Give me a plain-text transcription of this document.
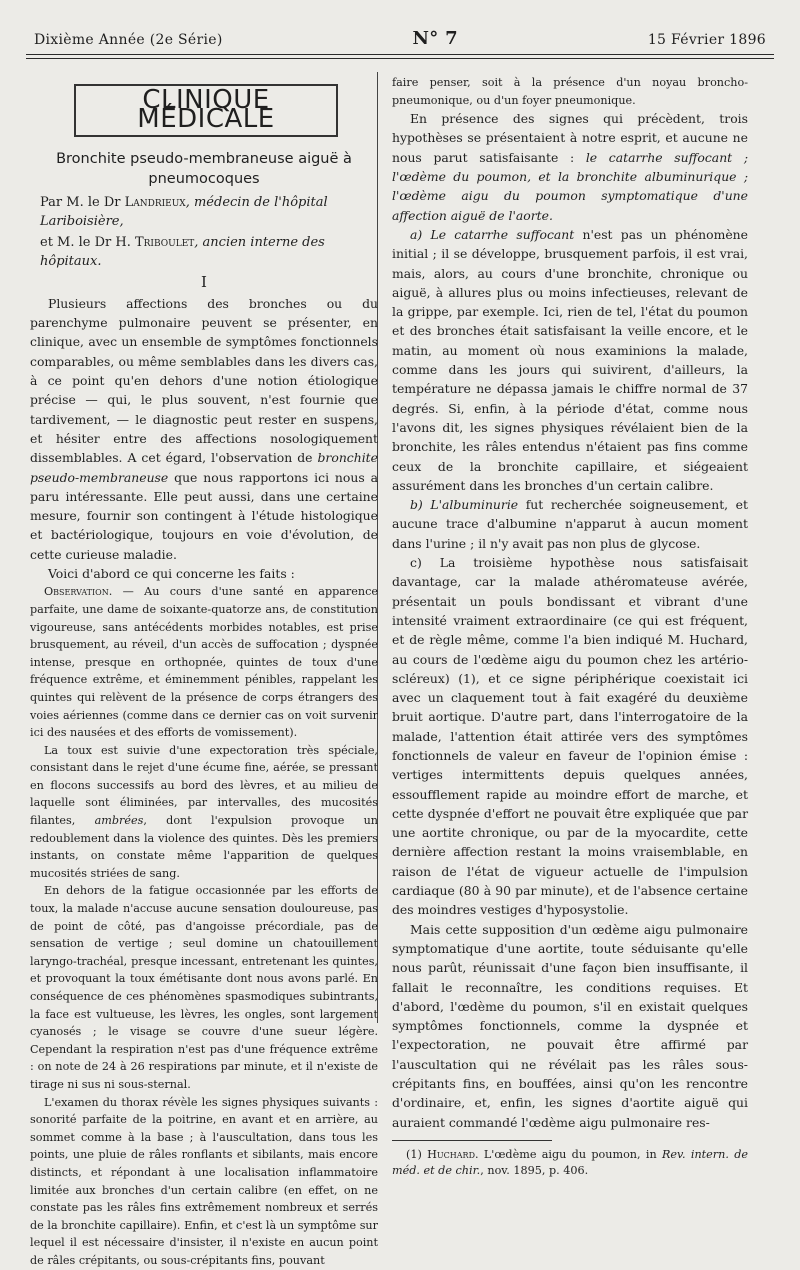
Dixième Année (2e Série)	N° 7	15 Février 1896
CLINIQUE MÉDICALE
Bronchite pseudo-membraneuse aiguë à pneumocoques
Par M. le Dr Landrieux, médecin de l'hôpital Lariboisière,
et M. le Dr H. Triboulet, ancien interne des hôpitaux.
I

Plusieurs affections des bronches ou du parenchyme pulmonaire peuvent se présenter, en clinique, avec un ensemble de symptômes fonctionnels comparables, ou même semblables dans les divers cas, à ce point qu'en dehors d'une notion étiologique précise — qui, le plus souvent, n'est fournie que tardivement, — le diagnostic peut rester en suspens, et hésiter entre des affections nosologiquement dissemblables. A cet égard, l'observation de bronchite pseudo-membraneuse que nous rapportons ici nous a paru intéressante. Elle peut aussi, dans une certaine mesure, fournir son contingent à l'étude histologique et bactériologique, toujours en voie d'évolution, de cette curieuse maladie.

Voici d'abord ce qui concerne les faits :

Observation. — Au cours d'une santé en apparence parfaite, une dame de soixante-quatorze ans, de constitution vigoureuse, sans antécédents morbides notables, est prise brusquement, au réveil, d'un accès de suffocation ; dyspnée intense, presque en orthopnée, quintes de toux d'une fréquence extrême, et éminemment pénibles, rappelant les quintes qui relèvent de la présence de corps étrangers des voies aériennes (comme dans ce dernier cas on voit survenir ici des nausées et des efforts de vomissement).

La toux est suivie d'une expectoration très spéciale, consistant dans le rejet d'une écume fine, aérée, se pressant en flocons successifs au bord des lèvres, et au milieu de laquelle sont éliminées, par intervalles, des mucosités filantes, ambrées, dont l'expulsion provoque un redoublement dans la violence des quintes. Dès les premiers instants, on constate même l'apparition de quelques mucosités striées de sang.

En dehors de la fatigue occasionnée par les efforts de toux, la malade n'accuse aucune sensation douloureuse, pas de point de côté, pas d'angoisse précordiale, pas de sensation de vertige ; seul domine un chatouillement laryngo-trachéal, presque incessant, entretenant les quintes, et provoquant la toux émétisante dont nous avons parlé. En conséquence de ces phénomènes spasmodiques subintrants, la face est vultueuse, les lèvres, les ongles, sont largement cyanosés ; le visage se couvre d'une sueur légère. Cependant la respiration n'est pas d'une fréquence extrême : on note de 24 à 26 respirations par minute, et il n'existe de tirage ni sus ni sous-sternal.

L'examen du thorax révèle les signes physiques suivants : sonorité parfaite de la poitrine, en avant et en arrière, au sommet comme à la base ; à l'auscultation, dans tous les points, une pluie de râles ronflants et sibilants, mais encore distincts, et répondant à une localisation inflammatoire limitée aux bronches d'un certain calibre (en effet, on ne constate pas les râles fins extrêmement nombreux et serrés de la bronchite capillaire). Enfin, et c'est là un symptôme sur lequel il est nécessaire d'insister, il n'existe en aucun point de râles crépitants, ou sous-crépitants fins, pouvant

faire penser, soit à la présence d'un noyau broncho-pneumonique, ou d'un foyer pneumonique.

En présence des signes qui précèdent, trois hypothèses se présentaient à notre esprit, et aucune ne nous parut satisfaisante : le catarrhe suffocant ; l'œdème du poumon, et la bronchite albuminurique ; l'œdème aigu du poumon symptomatique d'une affection aiguë de l'aorte.

a) Le catarrhe suffocant n'est pas un phénomène initial ; il se développe, brusquement parfois, il est vrai, mais, alors, au cours d'une bronchite, chronique ou aiguë, à allures plus ou moins infectieuses, relevant de la grippe, par exemple. Ici, rien de tel, l'état du poumon et des bronches était satisfaisant la veille encore, et le matin, au moment où nous examinions la malade, comme dans les jours qui suivirent, d'ailleurs, la température ne dépassa jamais le chiffre normal de 37 degrés. Si, enfin, à la période d'état, comme nous l'avons dit, les signes physiques révélaient bien de la bronchite, les râles entendus n'étaient pas fins comme ceux de la bronchite capillaire, et siégeaient assurément dans les bronches d'un certain calibre.

b) L'albuminurie fut recherchée soigneusement, et aucune trace d'albumine n'apparut à aucun moment dans l'urine ; il n'y avait pas non plus de glycose.

c) La troisième hypothèse nous satisfaisait davantage, car la malade athéromateuse avérée, présentait un pouls bondissant et vibrant d'une intensité vraiment extraordinaire (ce qui est fréquent, et de règle même, comme l'a bien indiqué M. Huchard, au cours de l'œdème aigu du poumon chez les artério-scléreux) (1), et ce signe périphérique coexistait ici avec un claquement tout à fait exagéré du deuxième bruit aortique. D'autre part, dans l'interrogatoire de la malade, l'attention était attirée vers des symptômes fonctionnels de valeur en faveur de l'opinion émise : vertiges intermittents depuis quelques années, essoufflement rapide au moindre effort de marche, et cette dyspnée d'effort ne pouvait être expliquée que par une aortite chronique, ou par de la myocardite, cette dernière affection restant la moins vraisemblable, en raison de l'état de vigueur actuelle de l'impulsion cardiaque (80 à 90 par minute), et de l'absence certaine des moindres vestiges d'hyposystolie.

Mais cette supposition d'un œdème aigu pulmonaire symptomatique d'une aortite, toute séduisante qu'elle nous parût, réunissait d'une façon bien insuffisante, il fallait le reconnaître, les conditions requises. Et d'abord, l'œdème du poumon, s'il en existait quelques symptômes fonctionnels, comme la dyspnée et l'expectoration, ne pouvait être affirmé par l'auscultation qui ne révélait pas les râles sous-crépitants fins, en bouffées, ainsi qu'on les rencontre d'ordinaire, et, enfin, les signes d'aortite aiguë qui auraient commandé l'œdème aigu pulmonaire res-

(1) Huchard. L'œdème aigu du poumon, in Rev. intern. de méd. et de chir., nov. 1895, p. 406.
